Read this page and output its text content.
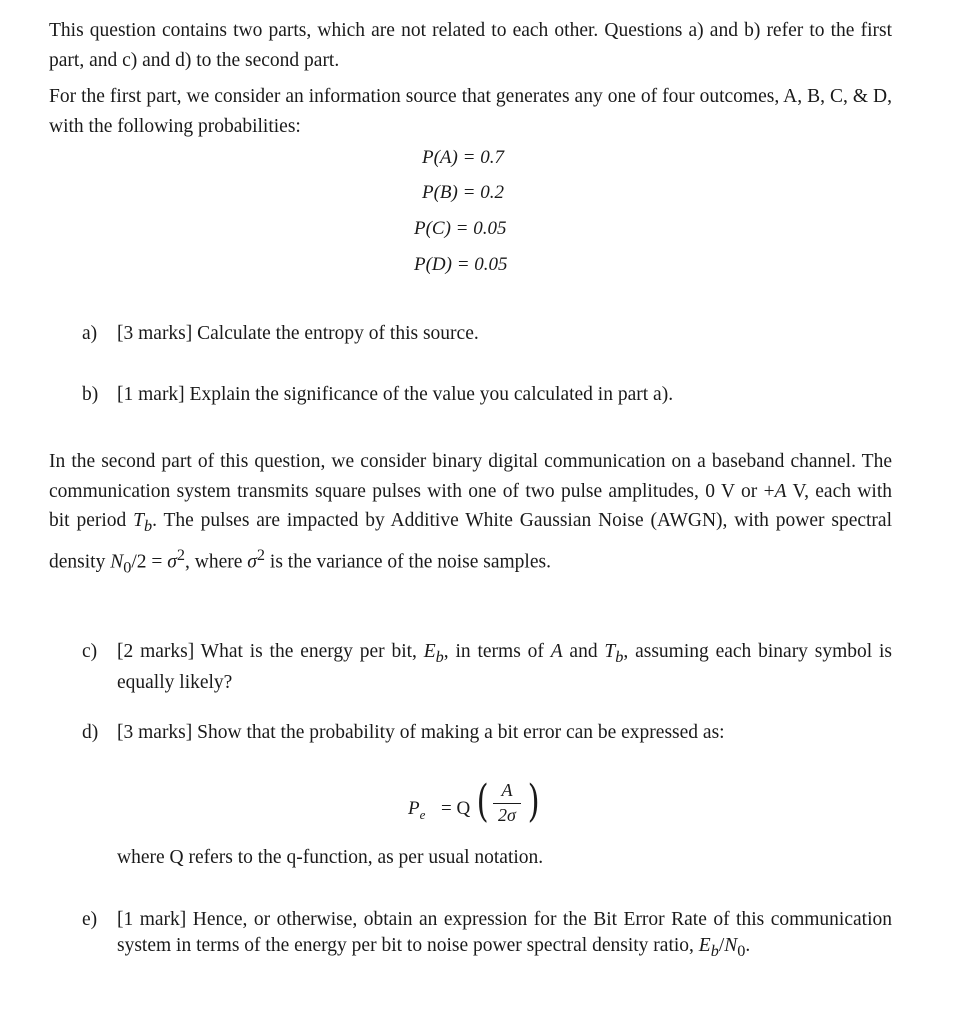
This question contains two parts, which are not related to each other. Questions a) and b) refer to the first part, and c) and d) to the second part.
For the first part, we consider an information source that generates any one of four outcomes, A, B, C, & D, with the following probabilities:
P(A) = 0.7
P(B) = 0.2
P(C) = 0.05
P(D) = 0.05
a) [3 marks] Calculate the entropy of this source.
b) [1 mark] Explain the significance of the value you calculated in part a).
In the second part of this question, we consider binary digital communication on a baseband channel. The communication system transmits square pulses with one of two pulse amplitudes, 0 V or +A V, each with bit period $T_b$. The pulses are impacted by Additive White Gaussian Noise (AWGN), with power spectral density $N_0/2 = \sigma^2$, where $\sigma^2$ is the variance of the noise samples.
c) [2 marks] What is the energy per bit, $E_b$, in terms of A and $T_b$, assuming each binary symbol is equally likely?
d) [3 marks] Show that the probability of making a bit error can be expressed as:
$P_e = Q$ ( )
A
2σ
where Q refers to the q-function, as per usual notation.
e) [1 mark] Hence, or otherwise, obtain an expression for the Bit Error Rate of this communication system in terms of the energy per bit to noise power spectral density ratio, $E_b/N_0$.
